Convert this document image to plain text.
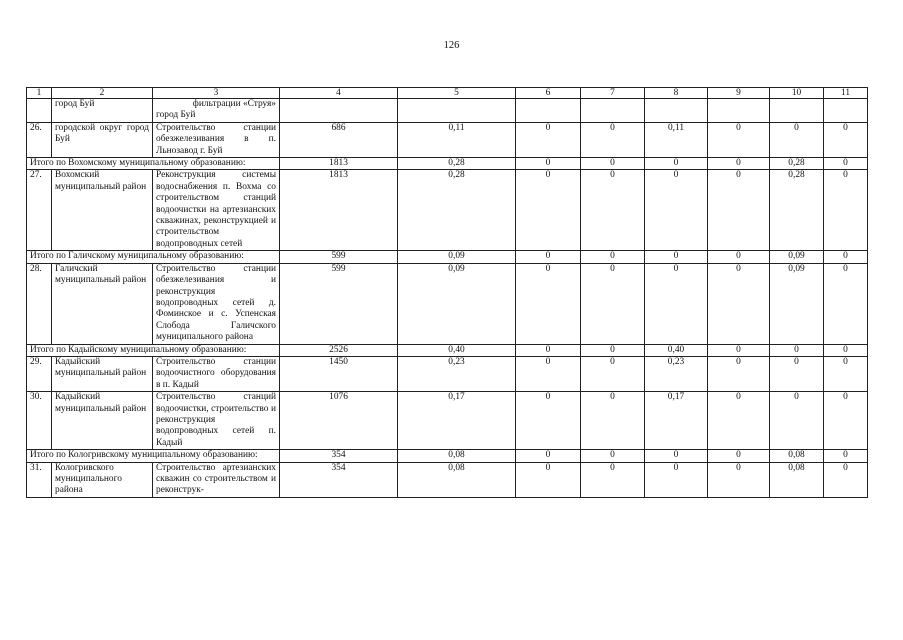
126
1	2	3	4	5	6	7	8	9	10	11
	город Буй	фильтрации «Струя»
город Буй								

26.	городской округ город Буй	Строительство станции обезжелезивания в п. Льнозавод г. Буй	686	0,11	0	0	0,11	0	0	0
Итого по Вохомскому муниципальному образованию:			1813	0,28	0	0	0	0	0,28	0
27.	Вохомский муниципальный район	Реконструкция системы водоснабжения п. Вохма со строительством станций водоочистки на артезианских скважинах, реконструкцией и строительством водопроводных сетей	1813	0,28	0	0	0	0	0,28	0
Итого по Галичскому муниципальному образованию:			599	0,09	0	0	0	0	0,09	0
28.	Галичский муниципальный район	Строительство станции обезжелезивания и реконструкция водопроводных сетей д. Фоминское и с. Успенская Слобода Галичского муниципального района	599	0,09	0	0	0	0	0,09	0
Итого по Кадыйскому муниципальному образованию:			2526	0,40	0	0	0,40	0	0	0
29.	Кадыйский муниципальный район	Строительство станции водоочистного оборудования в п. Кадый	1450	0,23	0	0	0,23	0	0	0
30.	Кадыйский муниципальный район	Строительство станций водоочистки, строительство и реконструкция водопроводных сетей п. Кадый	1076	0,17	0	0	0,17	0	0	0
Итого по Кологривскому муниципальному образованию:			354	0,08	0	0	0	0	0,08	0
31.	Кологривского муниципального района	Строительство артезианских скважин со строительством и реконструк-	354	0,08	0	0	0	0	0,08	0
